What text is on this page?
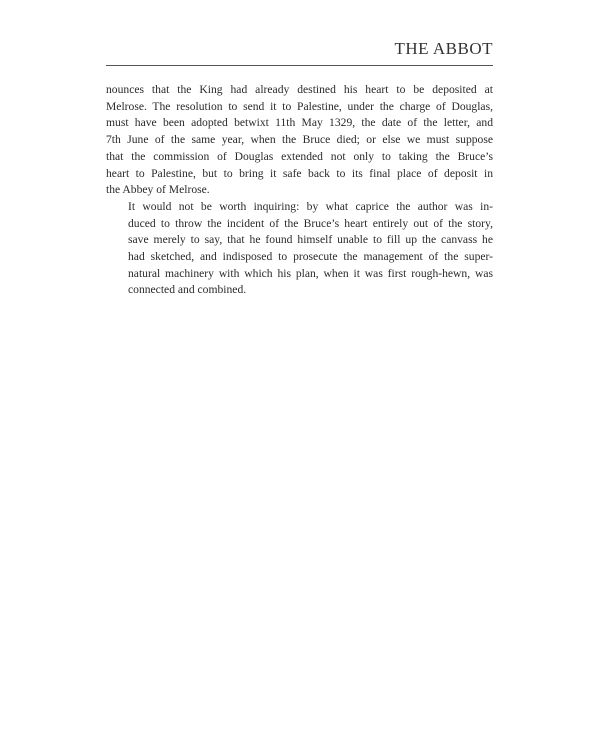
THE ABBOT

nounces that the King had already destined his heart to be deposited at
Melrose. The resolution to send it to Palestine, under the charge of Douglas,
must have been adopted betwixt 11th May 1329, the date of the letter, and
7th June of the same year, when the Bruce died; or else we must suppose
that the commission of Douglas extended not only to taking the Bruce’s
heart to Palestine, but to bring it safe back to its final place of deposit in
the Abbey of Melrose.

It would not be worth inquiring: by what caprice the author was in-
duced to throw the incident of the Bruce’s heart entirely out of the story,
save merely to say, that he found himself unable to fill up the canvass he
had sketched, and indisposed to prosecute the management of the super-
natural machinery with which his plan, when it was first rough-hewn, was
connected and combined.
